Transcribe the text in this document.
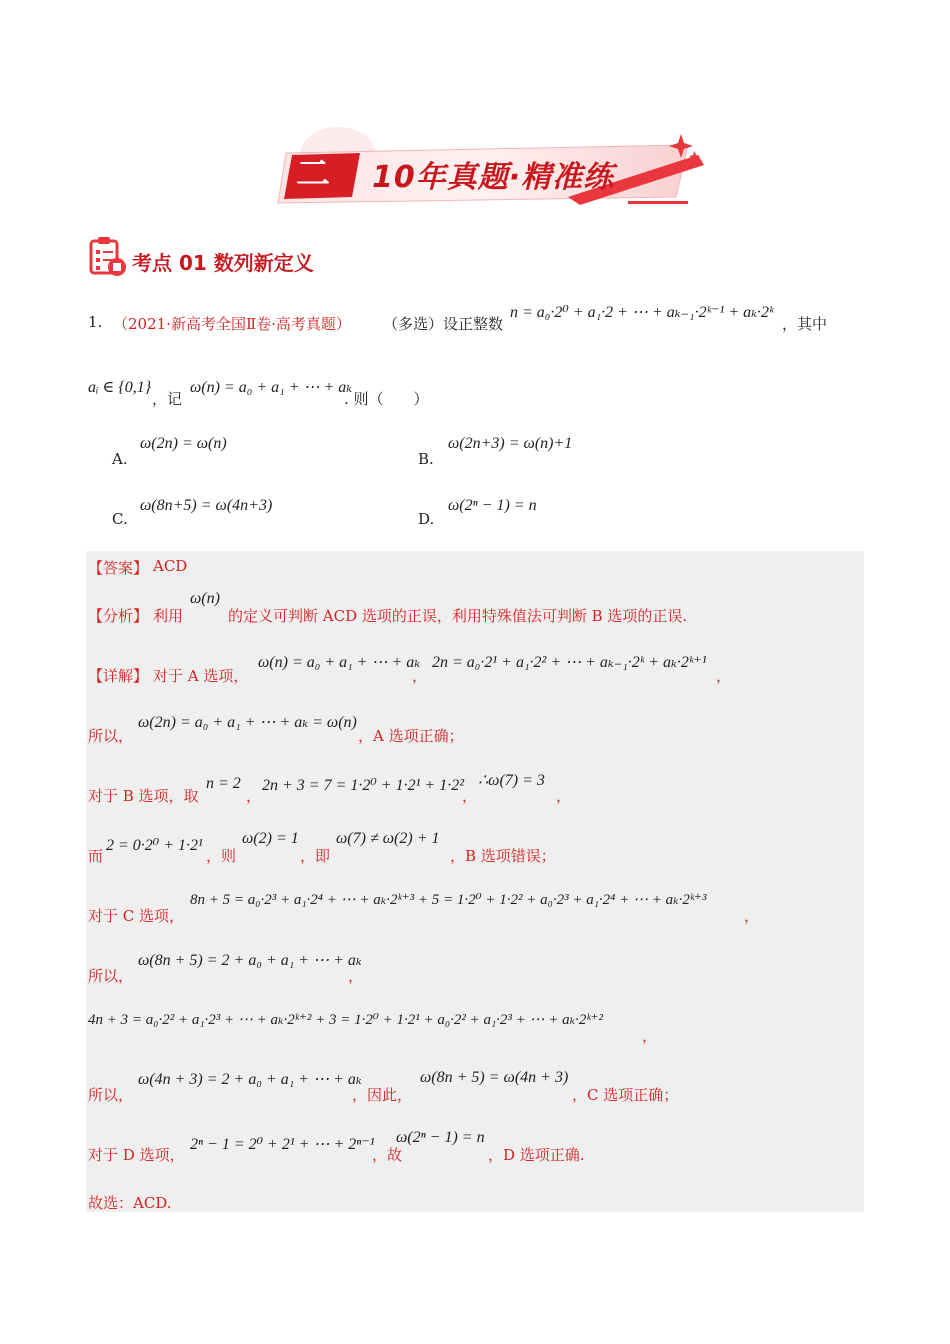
二 10年真题·精准练
考点 01 数列新定义
1. （2021·新高考全国Ⅱ卷·高考真题） （多选）设正整数
n = a₀·2⁰ + a₁·2 + ⋯ + aₖ₋₁·2ᵏ⁻¹ + aₖ·2ᵏ
，其中
aᵢ ∈ {0,1}
，记
ω(n) = a₀ + a₁ + ⋯ + aₖ
. 则（　　）
A.
ω(2n) = ω(n)
B.
ω(2n+3) = ω(n)+1
C.
ω(8n+5) = ω(4n+3)
D.
ω(2ⁿ − 1) = n
【答案】 ACD
【分析】 利用
ω(n)
的定义可判断 ACD 选项的正误，利用特殊值法可判断 B 选项的正误.
【详解】 对于 A 选项，
ω(n) = a₀ + a₁ + ⋯ + aₖ
，
2n = a₀·2¹ + a₁·2² + ⋯ + aₖ₋₁·2ᵏ + aₖ·2ᵏ⁺¹
，
所以，
ω(2n) = a₀ + a₁ + ⋯ + aₖ = ω(n)
，A 选项正确；
对于 B 选项，取
n = 2
，
2n + 3 = 7 = 1·2⁰ + 1·2¹ + 1·2²
，
∴ω(7) = 3
，
而
2 = 0·2⁰ + 1·2¹
，则
ω(2) = 1
，即
ω(7) ≠ ω(2) + 1
，B 选项错误；
对于 C 选项，
8n + 5 = a₀·2³ + a₁·2⁴ + ⋯ + aₖ·2ᵏ⁺³ + 5 = 1·2⁰ + 1·2² + a₀·2³ + a₁·2⁴ + ⋯ + aₖ·2ᵏ⁺³
，
所以，
ω(8n + 5) = 2 + a₀ + a₁ + ⋯ + aₖ
，
4n + 3 = a₀·2² + a₁·2³ + ⋯ + aₖ·2ᵏ⁺² + 3 = 1·2⁰ + 1·2¹ + a₀·2² + a₁·2³ + ⋯ + aₖ·2ᵏ⁺²
，
所以，
ω(4n + 3) = 2 + a₀ + a₁ + ⋯ + aₖ
，因此，
ω(8n + 5) = ω(4n + 3)
，C 选项正确；
对于 D 选项，
2ⁿ − 1 = 2⁰ + 2¹ + ⋯ + 2ⁿ⁻¹
，故
ω(2ⁿ − 1) = n
，D 选项正确.
故选：ACD.
